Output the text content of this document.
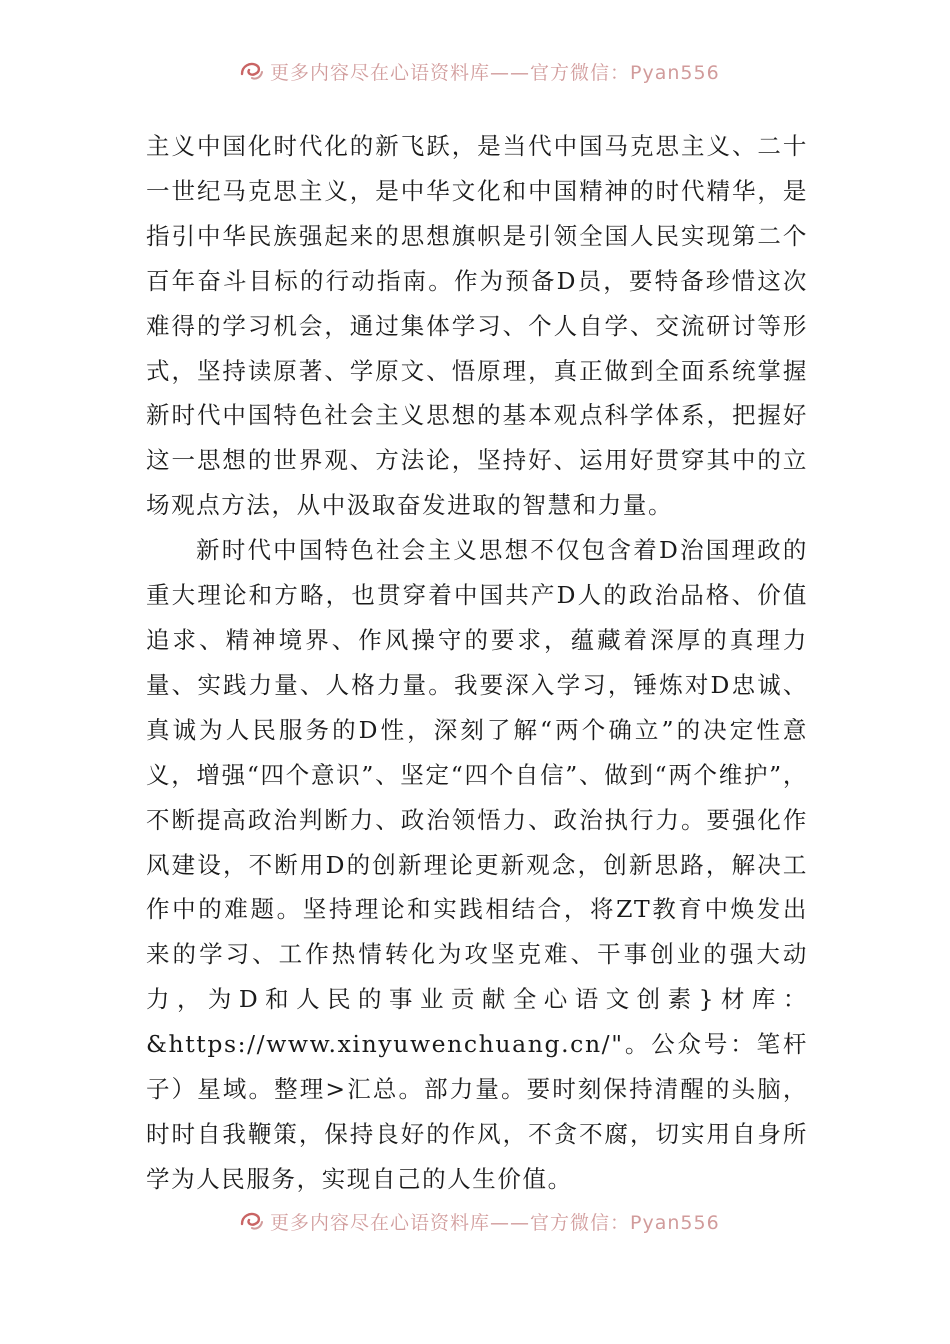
更多内容尽在心语资料库——官方微信：Pyan556

主义中国化时代化的新飞跃，是当代中国马克思主义、二十一世纪马克思主义，是中华文化和中国精神的时代精华，是指引中华民族强起来的思想旗帜是引领全国人民实现第二个百年奋斗目标的行动指南。作为预备D员，要特备珍惜这次难得的学习机会，通过集体学习、个人自学、交流研讨等形式，坚持读原著、学原文、悟原理，真正做到全面系统掌握新时代中国特色社会主义思想的基本观点科学体系，把握好这一思想的世界观、方法论，坚持好、运用好贯穿其中的立场观点方法，从中汲取奋发进取的智慧和力量。

新时代中国特色社会主义思想不仅包含着D治国理政的重大理论和方略，也贯穿着中国共产D人的政治品格、价值追求、精神境界、作风操守的要求，蕴藏着深厚的真理力量、实践力量、人格力量。我要深入学习，锤炼对D忠诚、真诚为人民服务的D性，深刻了解“两个确立”的决定性意义，增强“四个意识”、坚定“四个自信”、做到“两个维护”，不断提高政治判断力、政治领悟力、政治执行力。要强化作风建设，不断用D的创新理论更新观念，创新思路，解决工作中的难题。坚持理论和实践相结合，将ZT教育中焕发出来的学习、工作热情转化为攻坚克难、干事创业的强大动力，为D和人民的事业贡献全心语文创素}材库：&https://www.xinyuwenchuang.cn/"。公众号：笔杆子）星域。整理>汇总。部力量。要时刻保持清醒的头脑，时时自我鞭策，保持良好的作风，不贪不腐，切实用自身所学为人民服务，实现自己的人生价值。

更多内容尽在心语资料库——官方微信：Pyan556
